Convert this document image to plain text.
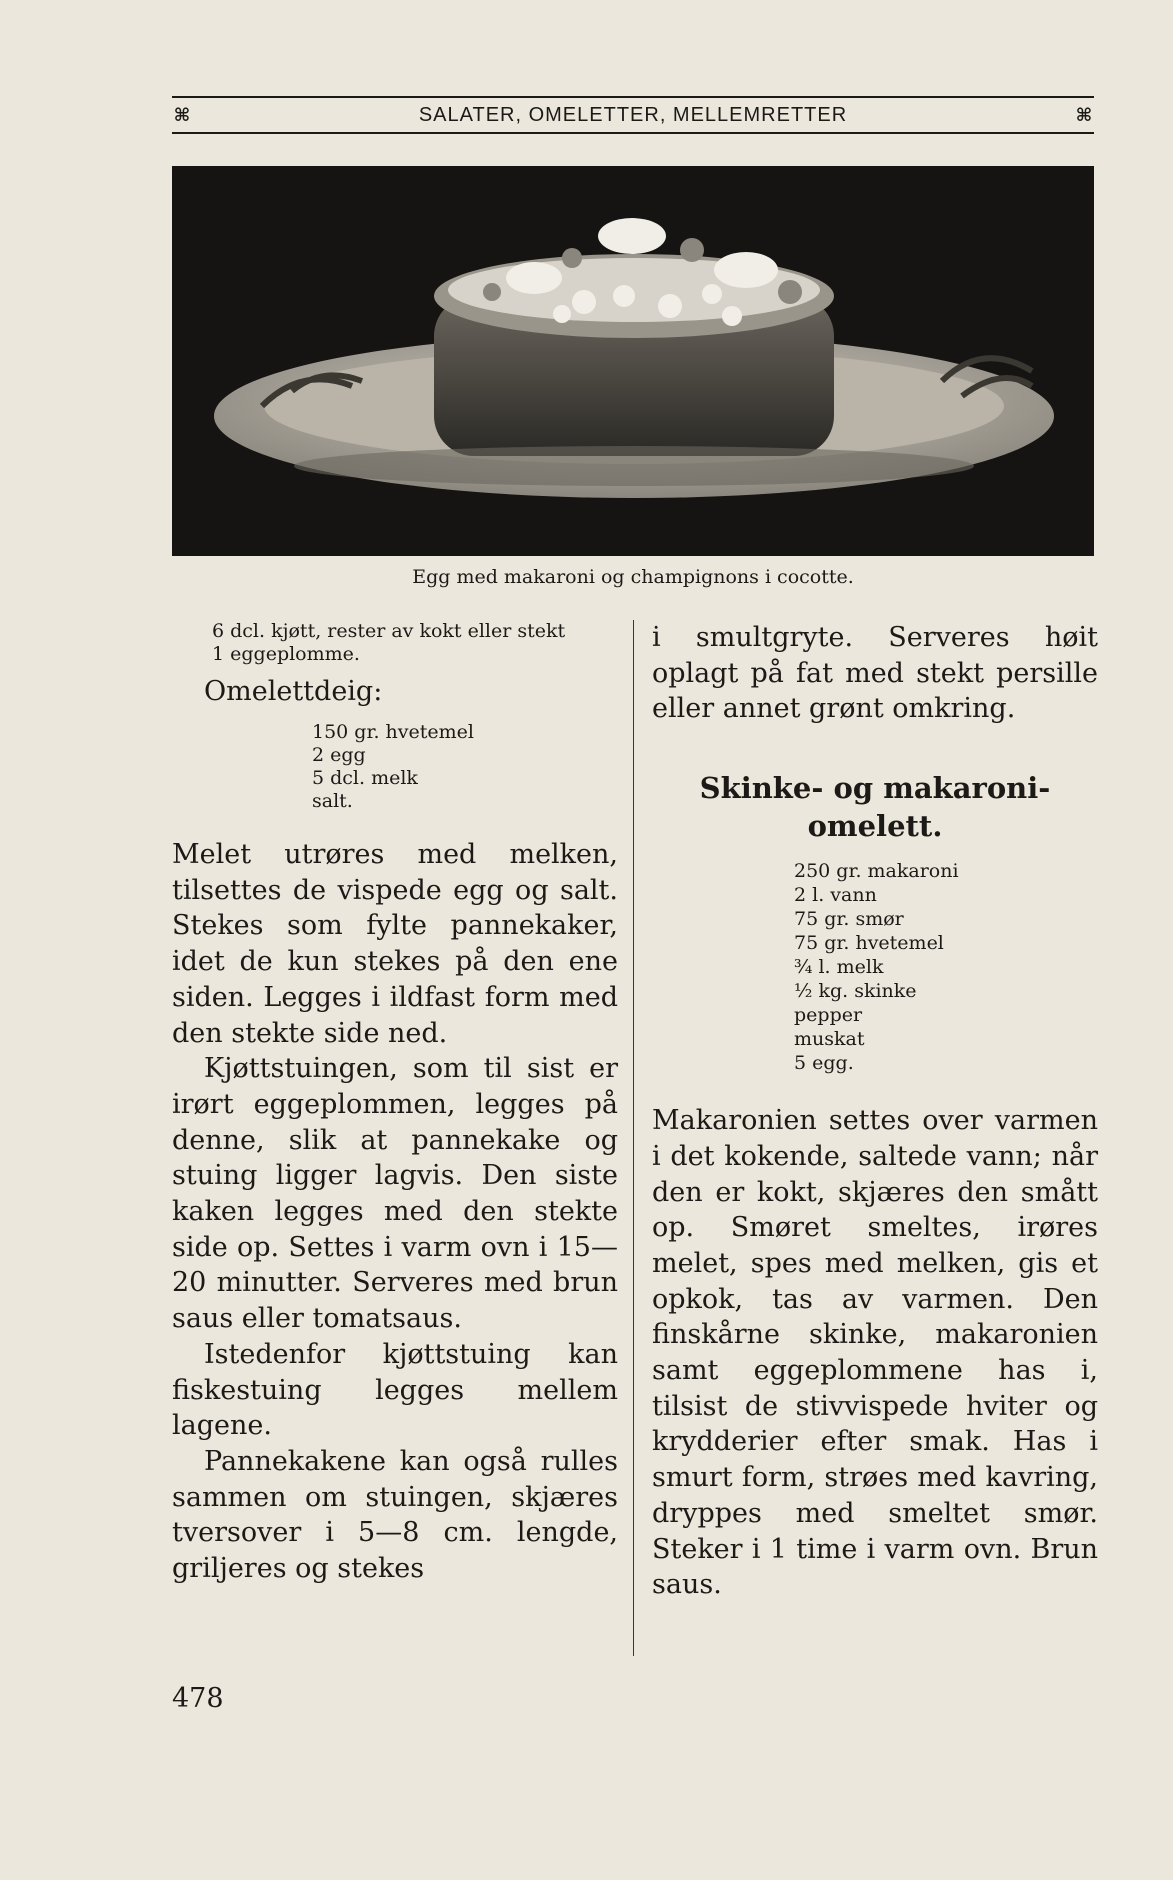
⌘	SALATER, OMELETTER, MELLEMRETTER	⌘
Egg med makaroni og champignons i cocotte.
6 dcl. kjøtt, rester av kokt eller stekt
1 eggeplomme.
Omelettdeig:
150 gr. hvetemel
2 egg
5 dcl. melk
salt.

Melet utrøres med melken, tilsettes de vispede egg og salt. Stekes som fylte pannekaker, idet de kun stekes på den ene siden. Legges i ildfast form med den stekte side ned.

Kjøttstuingen, som til sist er irørt eggeplommen, legges på denne, slik at pannekake og stuing ligger lagvis. Den siste kaken legges med den stekte side op. Settes i varm ovn i 15—20 minutter. Serveres med brun saus eller tomatsaus.

Istedenfor kjøttstuing kan fiskestuing legges mellem lagene.

Pannekakene kan også rulles sammen om stuingen, skjæres tversover i 5—8 cm. lengde, griljeres og stekes

i smultgryte. Serveres høit oplagt på fat med stekt persille eller annet grønt omkring.

Skinke- og makaroni-omelett.
250 gr. makaroni
2 l. vann
75 gr. smør
75 gr. hvetemel
¾ l. melk
½ kg. skinke
pepper
muskat
5 egg.

Makaronien settes over varmen i det kokende, saltede vann; når den er kokt, skjæres den smått op. Smøret smeltes, irøres melet, spes med melken, gis et opkok, tas av varmen. Den finskårne skinke, makaronien samt eggeplommene has i, tilsist de stivvispede hviter og krydderier efter smak. Has i smurt form, strøes med kavring, dryppes med smeltet smør. Steker i 1 time i varm ovn. Brun saus.

478
